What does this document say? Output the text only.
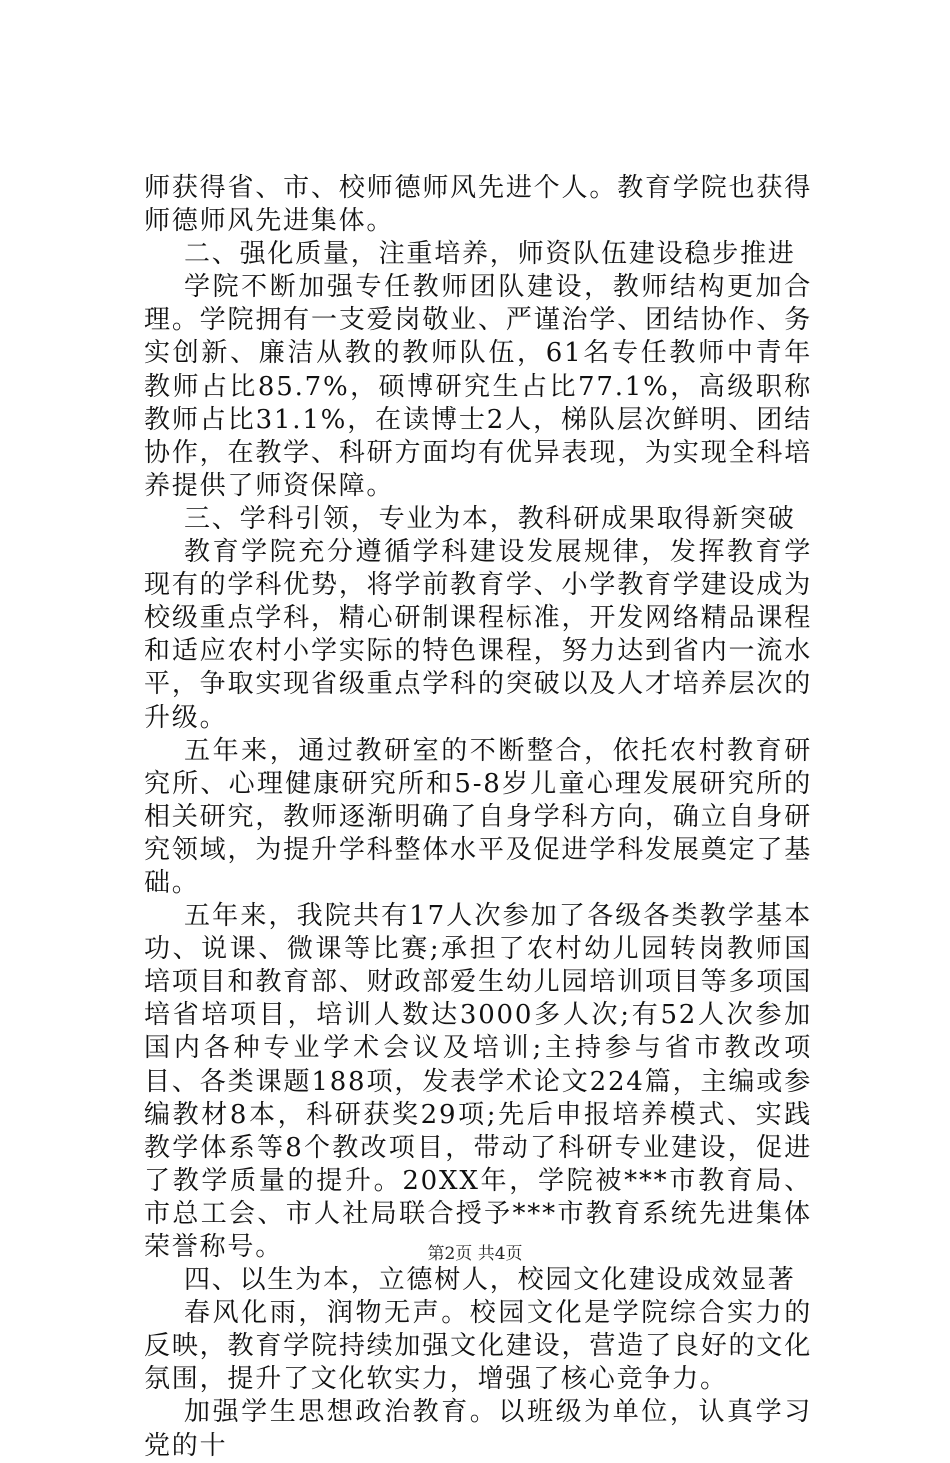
师获得省、市、校师德师风先进个人。教育学院也获得师德师风先进集体。

二、强化质量，注重培养，师资队伍建设稳步推进

学院不断加强专任教师团队建设，教师结构更加合理。学院拥有一支爱岗敬业、严谨治学、团结协作、务实创新、廉洁从教的教师队伍，61名专任教师中青年教师占比85.7%，硕博研究生占比77.1%，高级职称教师占比31.1%，在读博士2人，梯队层次鲜明、团结协作，在教学、科研方面均有优异表现，为实现全科培养提供了师资保障。

三、学科引领，专业为本，教科研成果取得新突破

教育学院充分遵循学科建设发展规律，发挥教育学现有的学科优势，将学前教育学、小学教育学建设成为校级重点学科，精心研制课程标准，开发网络精品课程和适应农村小学实际的特色课程，努力达到省内一流水平，争取实现省级重点学科的突破以及人才培养层次的升级。

五年来，通过教研室的不断整合，依托农村教育研究所、心理健康研究所和5-8岁儿童心理发展研究所的相关研究，教师逐渐明确了自身学科方向，确立自身研究领域，为提升学科整体水平及促进学科发展奠定了基础。

五年来，我院共有17人次参加了各级各类教学基本功、说课、微课等比赛;承担了农村幼儿园转岗教师国培项目和教育部、财政部爱生幼儿园培训项目等多项国培省培项目，培训人数达3000多人次;有52人次参加国内各种专业学术会议及培训;主持参与省市教改项目、各类课题188项，发表学术论文224篇，主编或参编教材8本，科研获奖29项;先后申报培养模式、实践教学体系等8个教改项目，带动了科研专业建设，促进了教学质量的提升。20XX年，学院被***市教育局、市总工会、市人社局联合授予***市教育系统先进集体荣誉称号。

四、以生为本，立德树人，校园文化建设成效显著

春风化雨，润物无声。校园文化是学院综合实力的反映，教育学院持续加强文化建设，营造了良好的文化氛围，提升了文化软实力，增强了核心竞争力。

加强学生思想政治教育。以班级为单位，认真学习党的十

第2页 共4页
